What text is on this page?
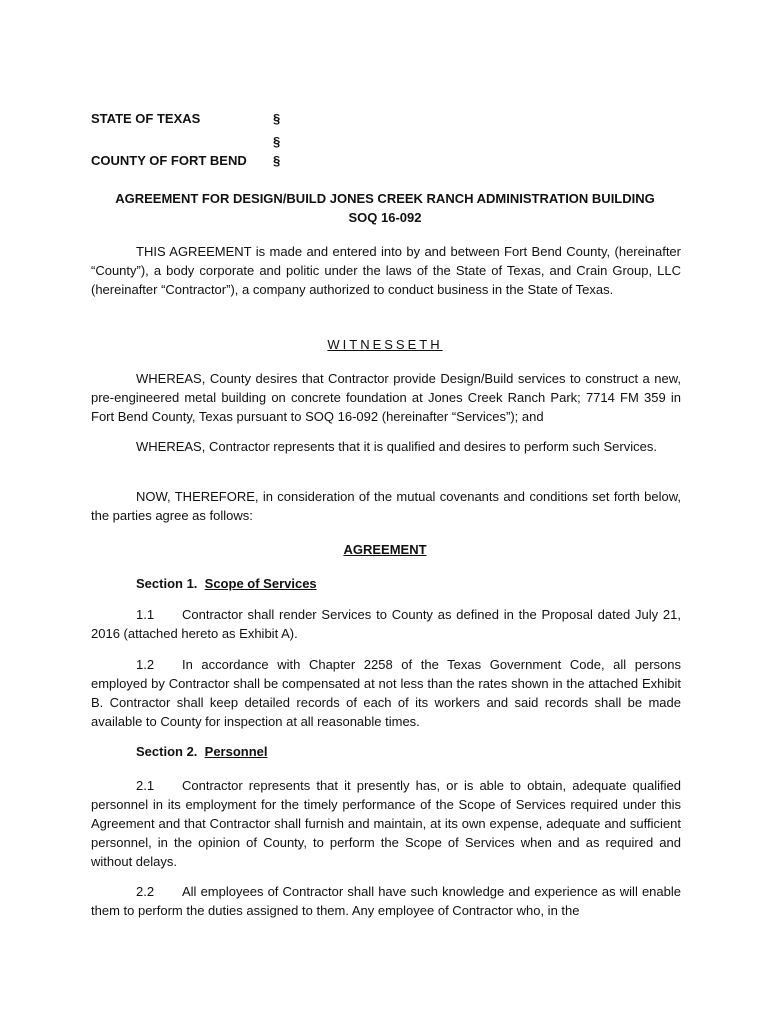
STATE OF TEXAS	§
§
COUNTY OF FORT BEND §
AGREEMENT FOR DESIGN/BUILD JONES CREEK RANCH ADMINISTRATION BUILDING
SOQ 16-092
THIS AGREEMENT is made and entered into by and between Fort Bend County, (hereinafter “County”), a body corporate and politic under the laws of the State of Texas, and Crain Group, LLC (hereinafter “Contractor”), a company authorized to conduct business in the State of Texas.
WITNESSETH
WHEREAS, County desires that Contractor provide Design/Build services to construct a new, pre-engineered metal building on concrete foundation at Jones Creek Ranch Park; 7714 FM 359 in Fort Bend County, Texas pursuant to SOQ 16-092 (hereinafter “Services”); and
WHEREAS, Contractor represents that it is qualified and desires to perform such Services.
NOW, THEREFORE, in consideration of the mutual covenants and conditions set forth below, the parties agree as follows:
AGREEMENT
Section 1. Scope of Services
1.1 Contractor shall render Services to County as defined in the Proposal dated July 21, 2016 (attached hereto as Exhibit A).
1.2 In accordance with Chapter 2258 of the Texas Government Code, all persons employed by Contractor shall be compensated at not less than the rates shown in the attached Exhibit B. Contractor shall keep detailed records of each of its workers and said records shall be made available to County for inspection at all reasonable times.
Section 2. Personnel
2.1 Contractor represents that it presently has, or is able to obtain, adequate qualified personnel in its employment for the timely performance of the Scope of Services required under this Agreement and that Contractor shall furnish and maintain, at its own expense, adequate and sufficient personnel, in the opinion of County, to perform the Scope of Services when and as required and without delays.
2.2 All employees of Contractor shall have such knowledge and experience as will enable them to perform the duties assigned to them. Any employee of Contractor who, in the
